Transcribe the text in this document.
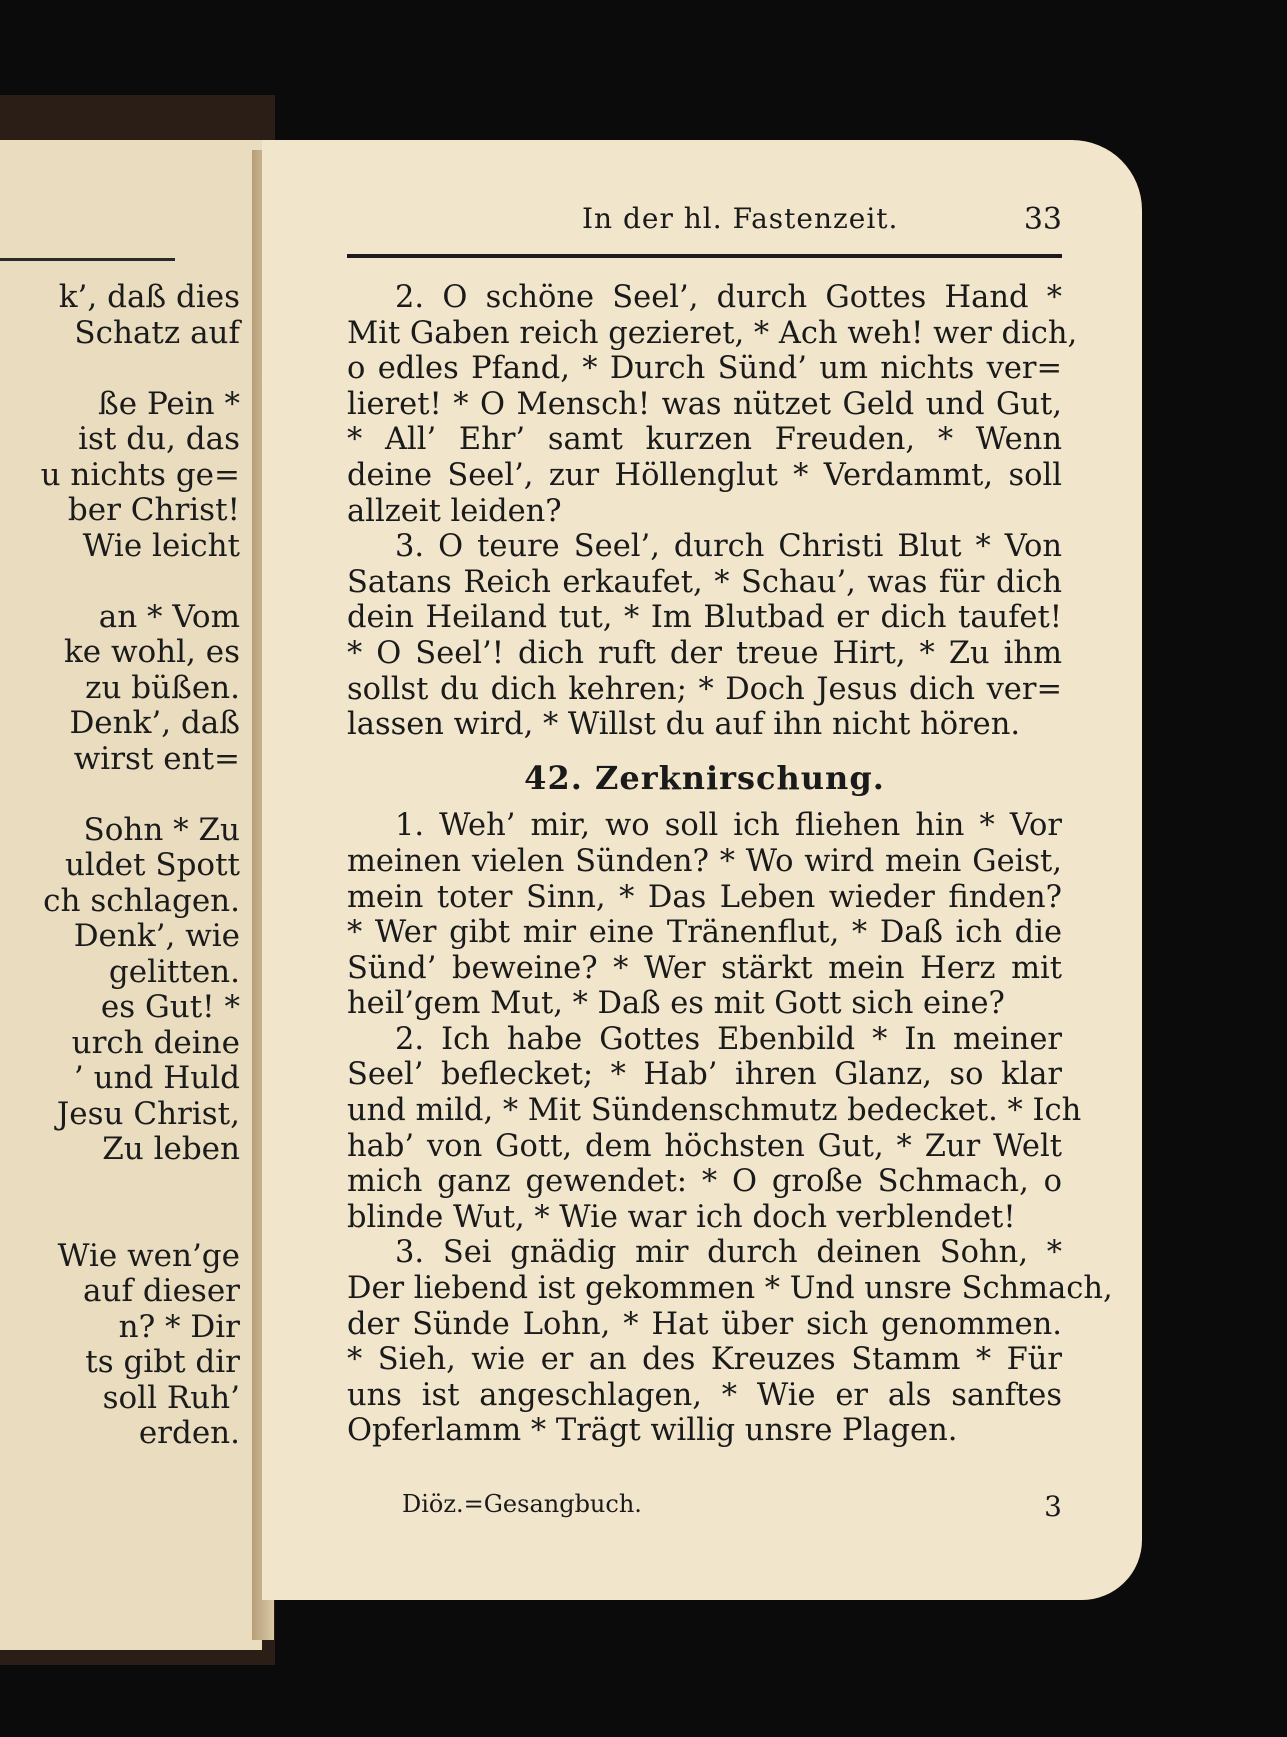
k’, daß dies
Schatz auf

ße Pein *
ist du, das
u nichts ge=
ber Christ!
Wie leicht

an * Vom
ke wohl, es
zu büßen.
Denk’, daß
wirst ent=

Sohn * Zu
uldet Spott
ch schlagen.
Denk’, wie
gelitten.
es Gut! *
urch deine
’ und Huld
Jesu Christ,
Zu leben

Wie wen’ge
auf dieser
n? * Dir
ts gibt dir
soll Ruh’
erden.
In der hl. Fastenzeit.	33
2. O schöne Seel’, durch Gottes Hand *
Mit Gaben reich gezieret, * Ach weh! wer dich,
o edles Pfand, * Durch Sünd’ um nichts ver=
lieret! * O Mensch! was nützet Geld und Gut,
* All’ Ehr’ samt kurzen Freuden, * Wenn
deine Seel’, zur Höllenglut * Verdammt, soll
allzeit leiden?
3. O teure Seel’, durch Christi Blut * Von
Satans Reich erkaufet, * Schau’, was für dich
dein Heiland tut, * Im Blutbad er dich taufet!
* O Seel’! dich ruft der treue Hirt, * Zu ihm
sollst du dich kehren; * Doch Jesus dich ver=
lassen wird, * Willst du auf ihn nicht hören.
42. Zerknirschung.
1. Weh’ mir, wo soll ich fliehen hin * Vor
meinen vielen Sünden? * Wo wird mein Geist,
mein toter Sinn, * Das Leben wieder finden?
* Wer gibt mir eine Tränenflut, * Daß ich die
Sünd’ beweine? * Wer stärkt mein Herz mit
heil’gem Mut, * Daß es mit Gott sich eine?
2. Ich habe Gottes Ebenbild * In meiner
Seel’ beflecket; * Hab’ ihren Glanz, so klar
und mild, * Mit Sündenschmutz bedecket. * Ich
hab’ von Gott, dem höchsten Gut, * Zur Welt
mich ganz gewendet: * O große Schmach, o
blinde Wut, * Wie war ich doch verblendet!
3. Sei gnädig mir durch deinen Sohn, *
Der liebend ist gekommen * Und unsre Schmach,
der Sünde Lohn, * Hat über sich genommen.
* Sieh, wie er an des Kreuzes Stamm * Für
uns ist angeschlagen, * Wie er als sanftes
Opferlamm * Trägt willig unsre Plagen.
Diöz.=Gesangbuch.	3
